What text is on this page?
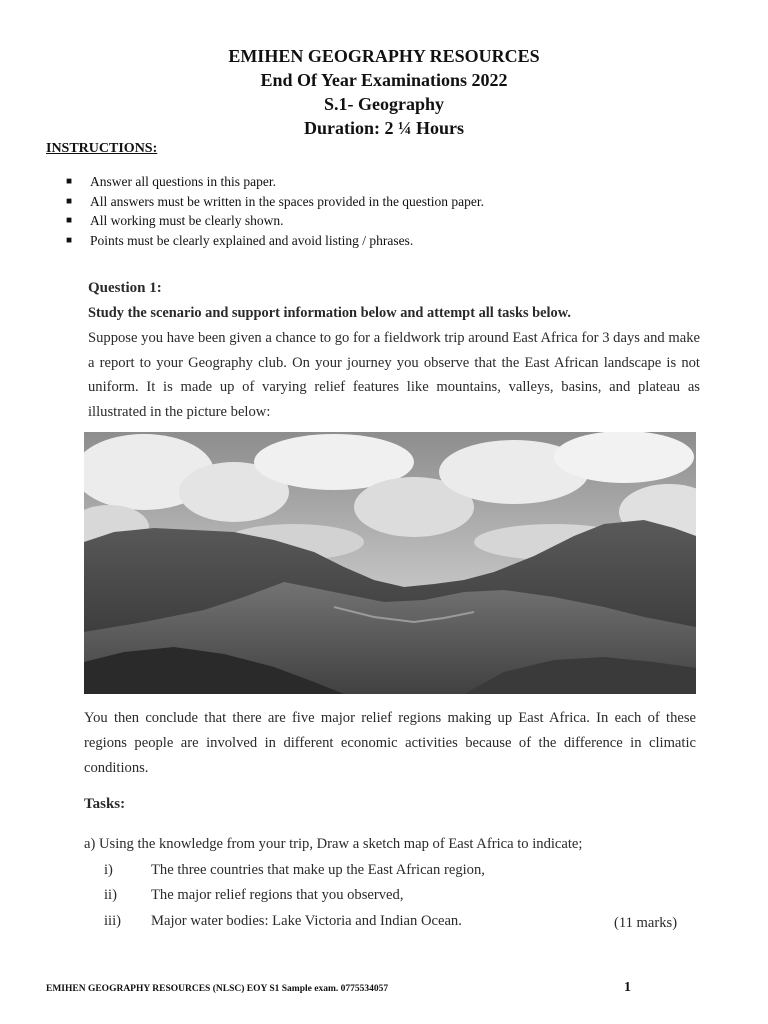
EMIHEN GEOGRAPHY RESOURCES
End Of Year Examinations 2022
S.1- Geography
Duration: 2 ¼ Hours
INSTRUCTIONS:
■ Answer all questions in this paper.
■ All answers must be written in the spaces provided in the question paper.
■ All working must be clearly shown.
■ Points must be clearly explained and avoid listing / phrases.
Question 1:
Study the scenario and support information below and attempt all tasks below.

Suppose you have been given a chance to go for a fieldwork trip around East Africa for 3 days and make a report to your Geography club. On your journey you observe that the East African landscape is not uniform. It is made up of varying relief features like mountains, valleys, basins, and plateau as illustrated in the picture below:

You then conclude that there are five major relief regions making up East Africa. In each of these regions people are involved in different economic activities because of the difference in climatic conditions.

Tasks:
a) Using the knowledge from your trip, Draw a sketch map of East Africa to indicate;
i)	The three countries that make up the East African region,
ii) The major relief regions that you observed,
iii) Major water bodies: Lake Victoria and Indian Ocean.	(11 marks)
EMIHEN GEOGRAPHY RESOURCES (NLSC) EOY S1 Sample exam. 0775534057	1
